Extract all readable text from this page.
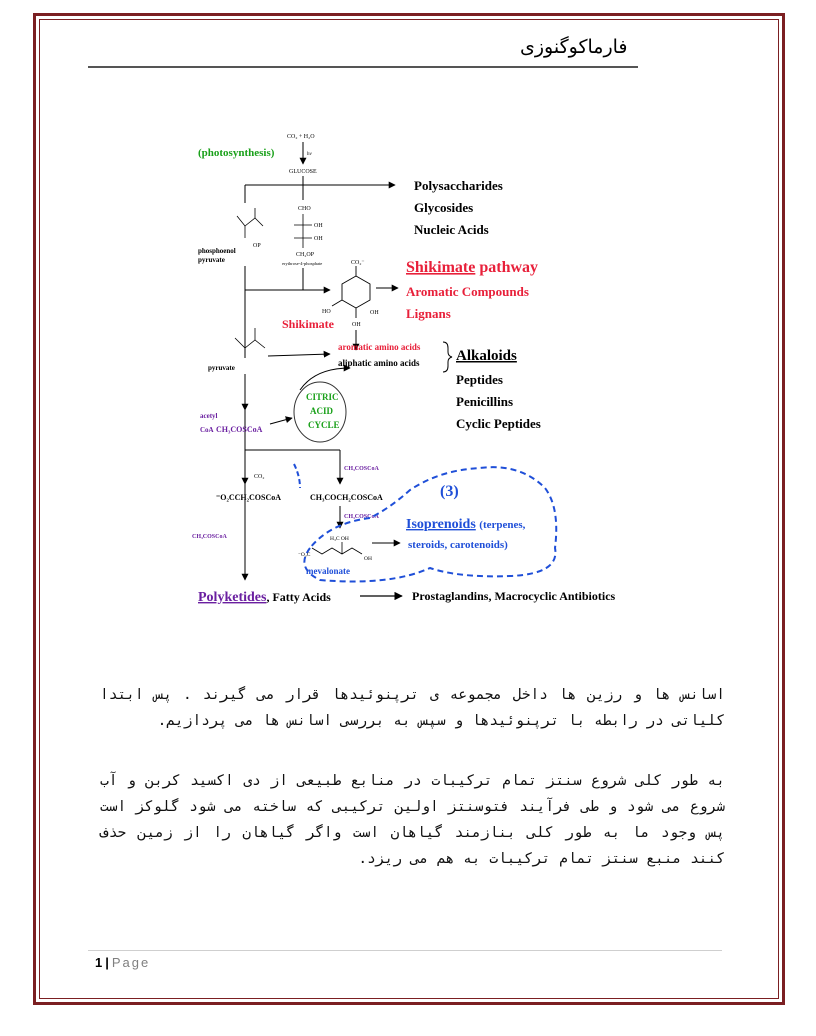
فارماکوگنوزی
(photosynthesis)
CO₂ + H₂O
hν
GLUCOSE
Polysaccharides
Glycosides
Nucleic Acids
phosphoenol
pyruvate
OP
CHO
OH
OH
CH₂OP
erythrose-4-phosphate	CO₂⁻
HO
OH
OH
Shikimate pathway
Aromatic Compounds
Lignans
Shikimate
pyruvate
aromatic amino acids
aliphatic amino acids Alkaloids
Peptides
Penicillins
Cyclic Peptides
CITRIC
ACID
CYCLE
acetyl
CoA CH₃COSCoA
CO₂
⁻O₂CCH₂COSCoA	CH₃COCH₂COSCoA
CH₃COSCoA
CH₃COSCoA
CH₃COSCoA
(3)
Isoprenoids (terpenes,
steroids, carotenoids)
H₃C OH
⁻O₂C
OH
mevalonate
Polyketides, Fatty Acids	Prostaglandins, Macrocyclic Antibiotics
اسانس ها و رزین ها داخل مجموعه ی ترپنوئیدها قرار می گیرند . پس ابتدا کلیاتی در رابطه با ترپنوئیدها و سپس به بررسی اسانس ها می پردازیم.
به طور کلی شروع سنتز تمام ترکیبات در منابع طبیعی از دی اکسید کربن و آب شروع می شود و طی فرآیند فتوسنتز اولین ترکیبی که ساخته می شود گلوکز است پس وجود ما به طور کلی بنازمند گیاهان است واگر گیاهان را از زمین حذف کنند منبع سنتز تمام ترکیبات به هم می ریزد.
1 | Page
